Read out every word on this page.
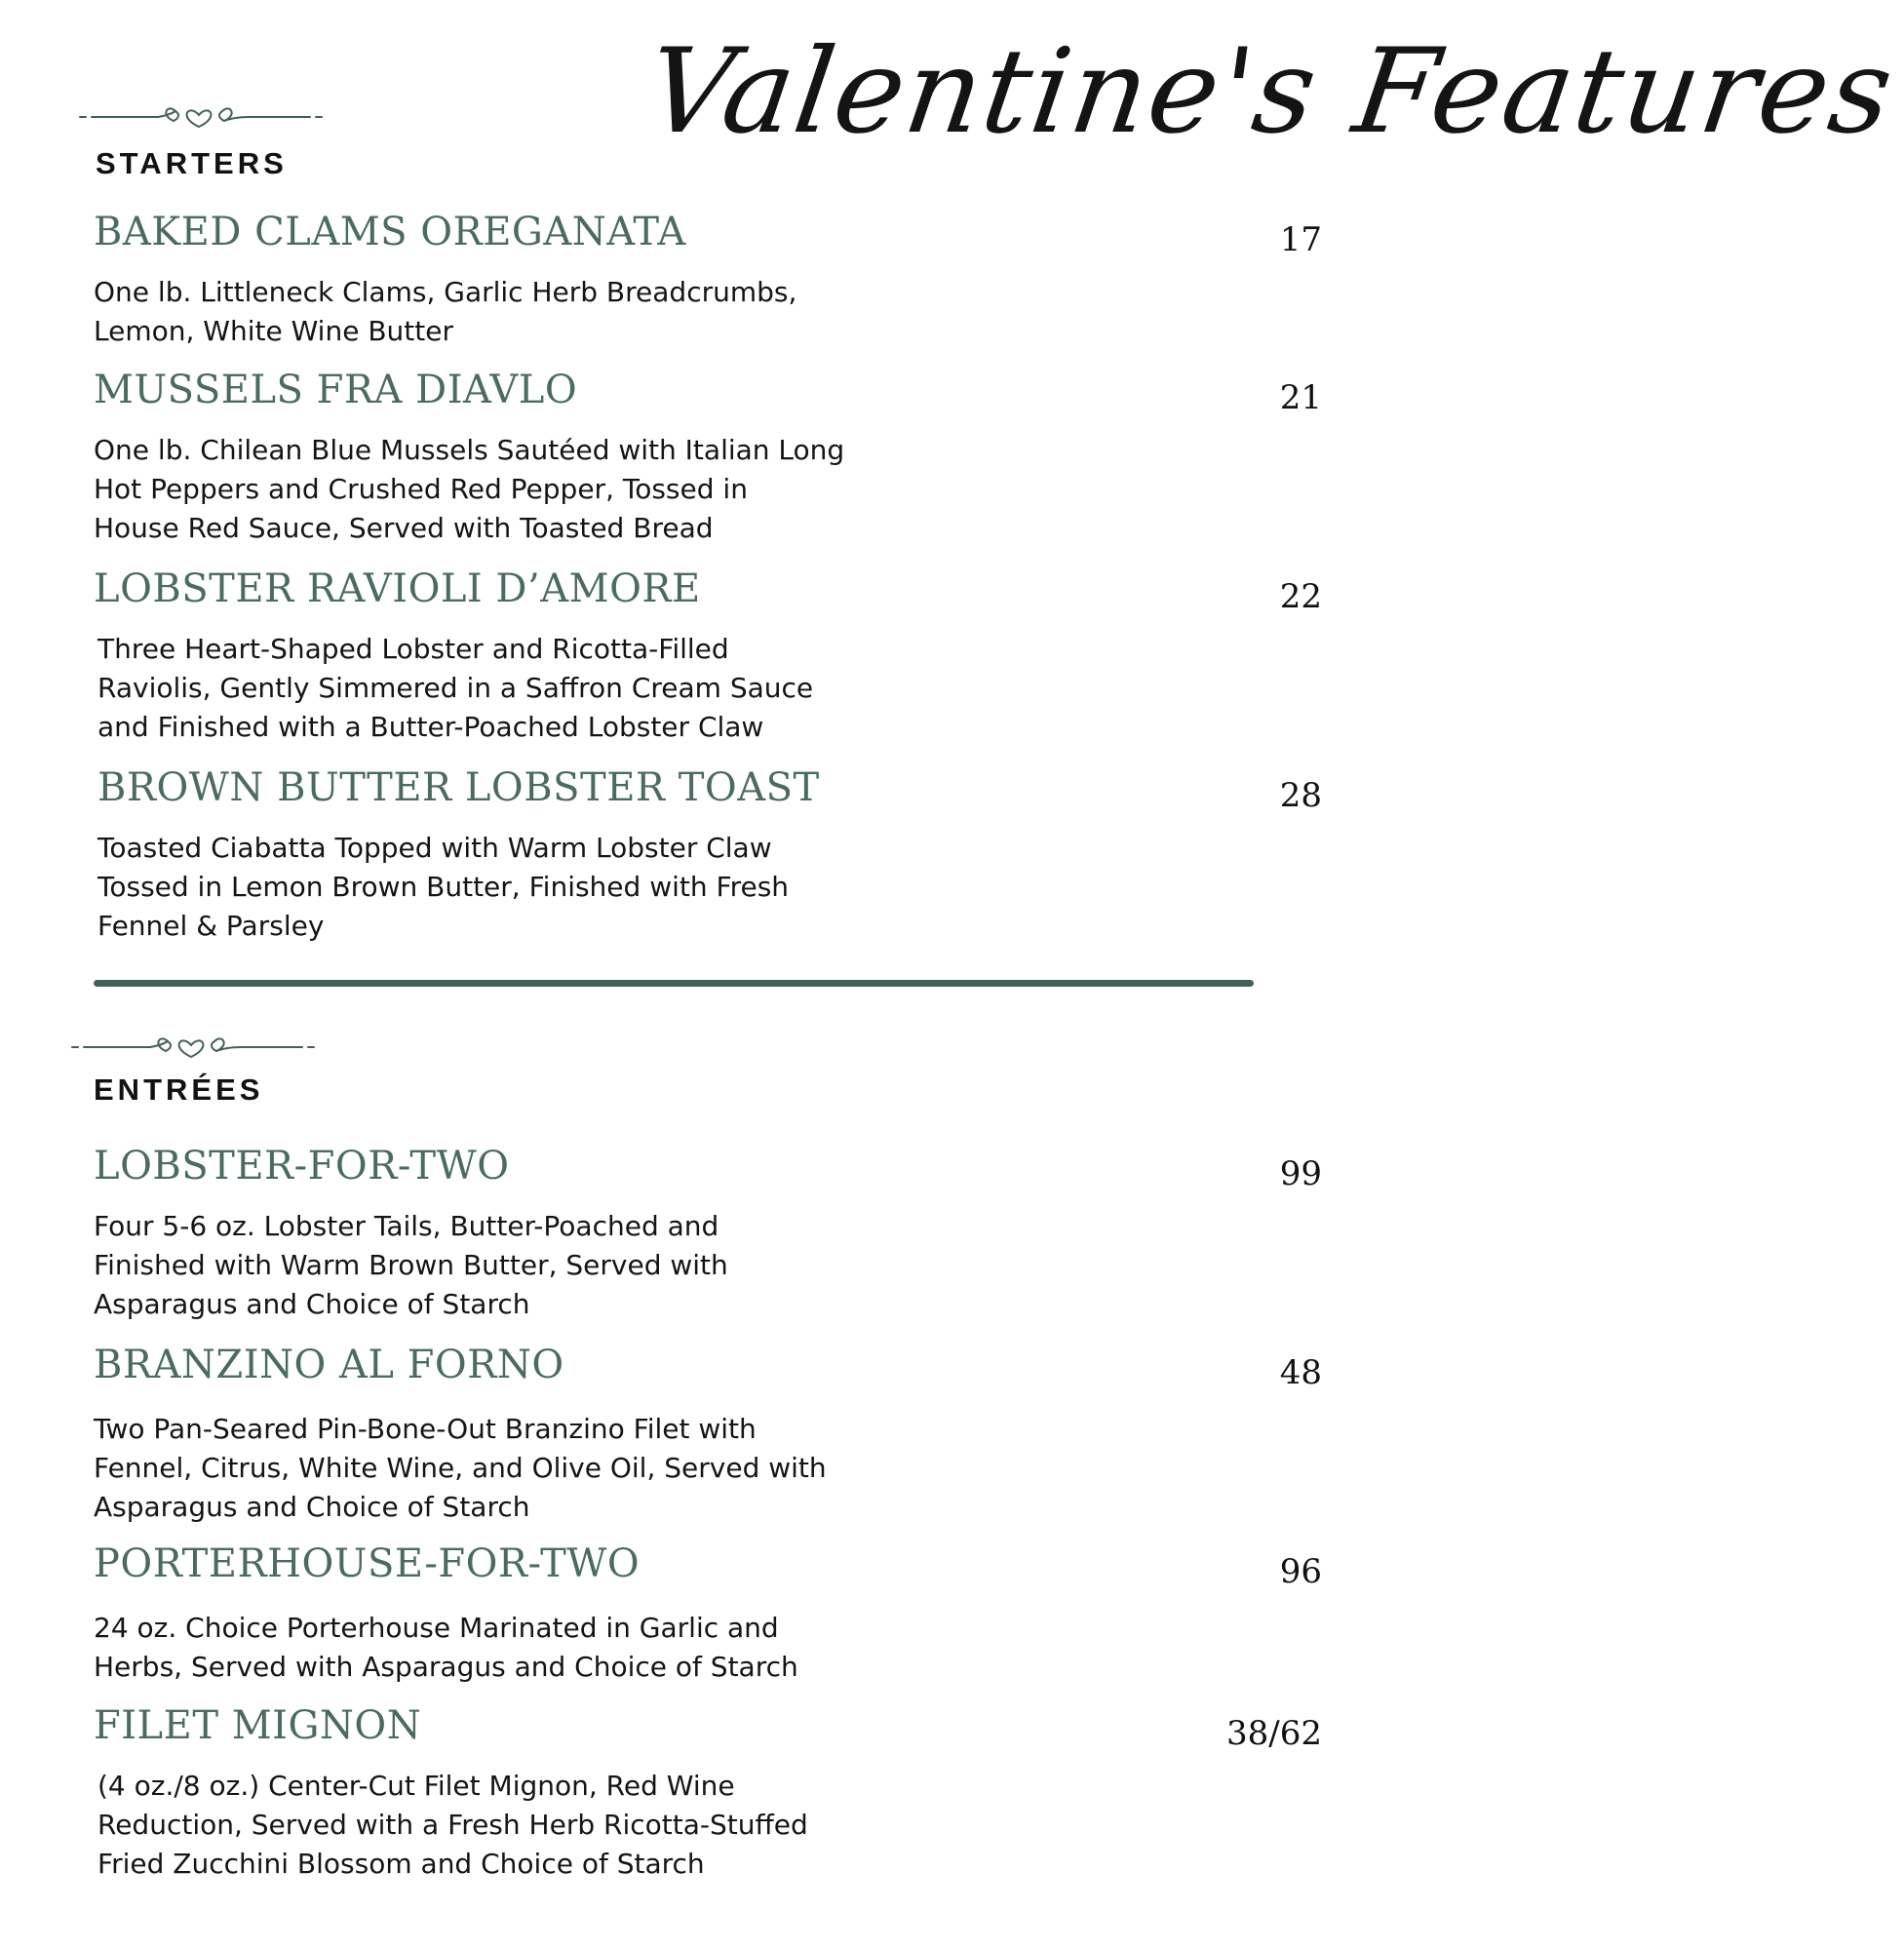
Valentine's Features
STARTERS
BAKED CLAMS OREGANATA	17
One lb. Littleneck Clams, Garlic Herb Breadcrumbs,
Lemon, White Wine Butter
MUSSELS FRA DIAVLO	21
One lb. Chilean Blue Mussels Sautéed with Italian Long
Hot Peppers and Crushed Red Pepper, Tossed in
House Red Sauce, Served with Toasted Bread
LOBSTER RAVIOLI D’AMORE	22
Three Heart-Shaped Lobster and Ricotta-Filled
Raviolis, Gently Simmered in a Saffron Cream Sauce
and Finished with a Butter-Poached Lobster Claw
BROWN BUTTER LOBSTER TOAST	28
Toasted Ciabatta Topped with Warm Lobster Claw
Tossed in Lemon Brown Butter, Finished with Fresh
Fennel & Parsley
ENTRÉES
LOBSTER-FOR-TWO	99
Four 5-6 oz. Lobster Tails, Butter-Poached and
Finished with Warm Brown Butter, Served with
Asparagus and Choice of Starch
BRANZINO AL FORNO	48
Two Pan-Seared Pin-Bone-Out Branzino Filet with
Fennel, Citrus, White Wine, and Olive Oil, Served with
Asparagus and Choice of Starch
PORTERHOUSE-FOR-TWO	96
24 oz. Choice Porterhouse Marinated in Garlic and
Herbs, Served with Asparagus and Choice of Starch
FILET MIGNON	38/62
(4 oz./8 oz.) Center-Cut Filet Mignon, Red Wine
Reduction, Served with a Fresh Herb Ricotta-Stuffed
Fried Zucchini Blossom and Choice of Starch
